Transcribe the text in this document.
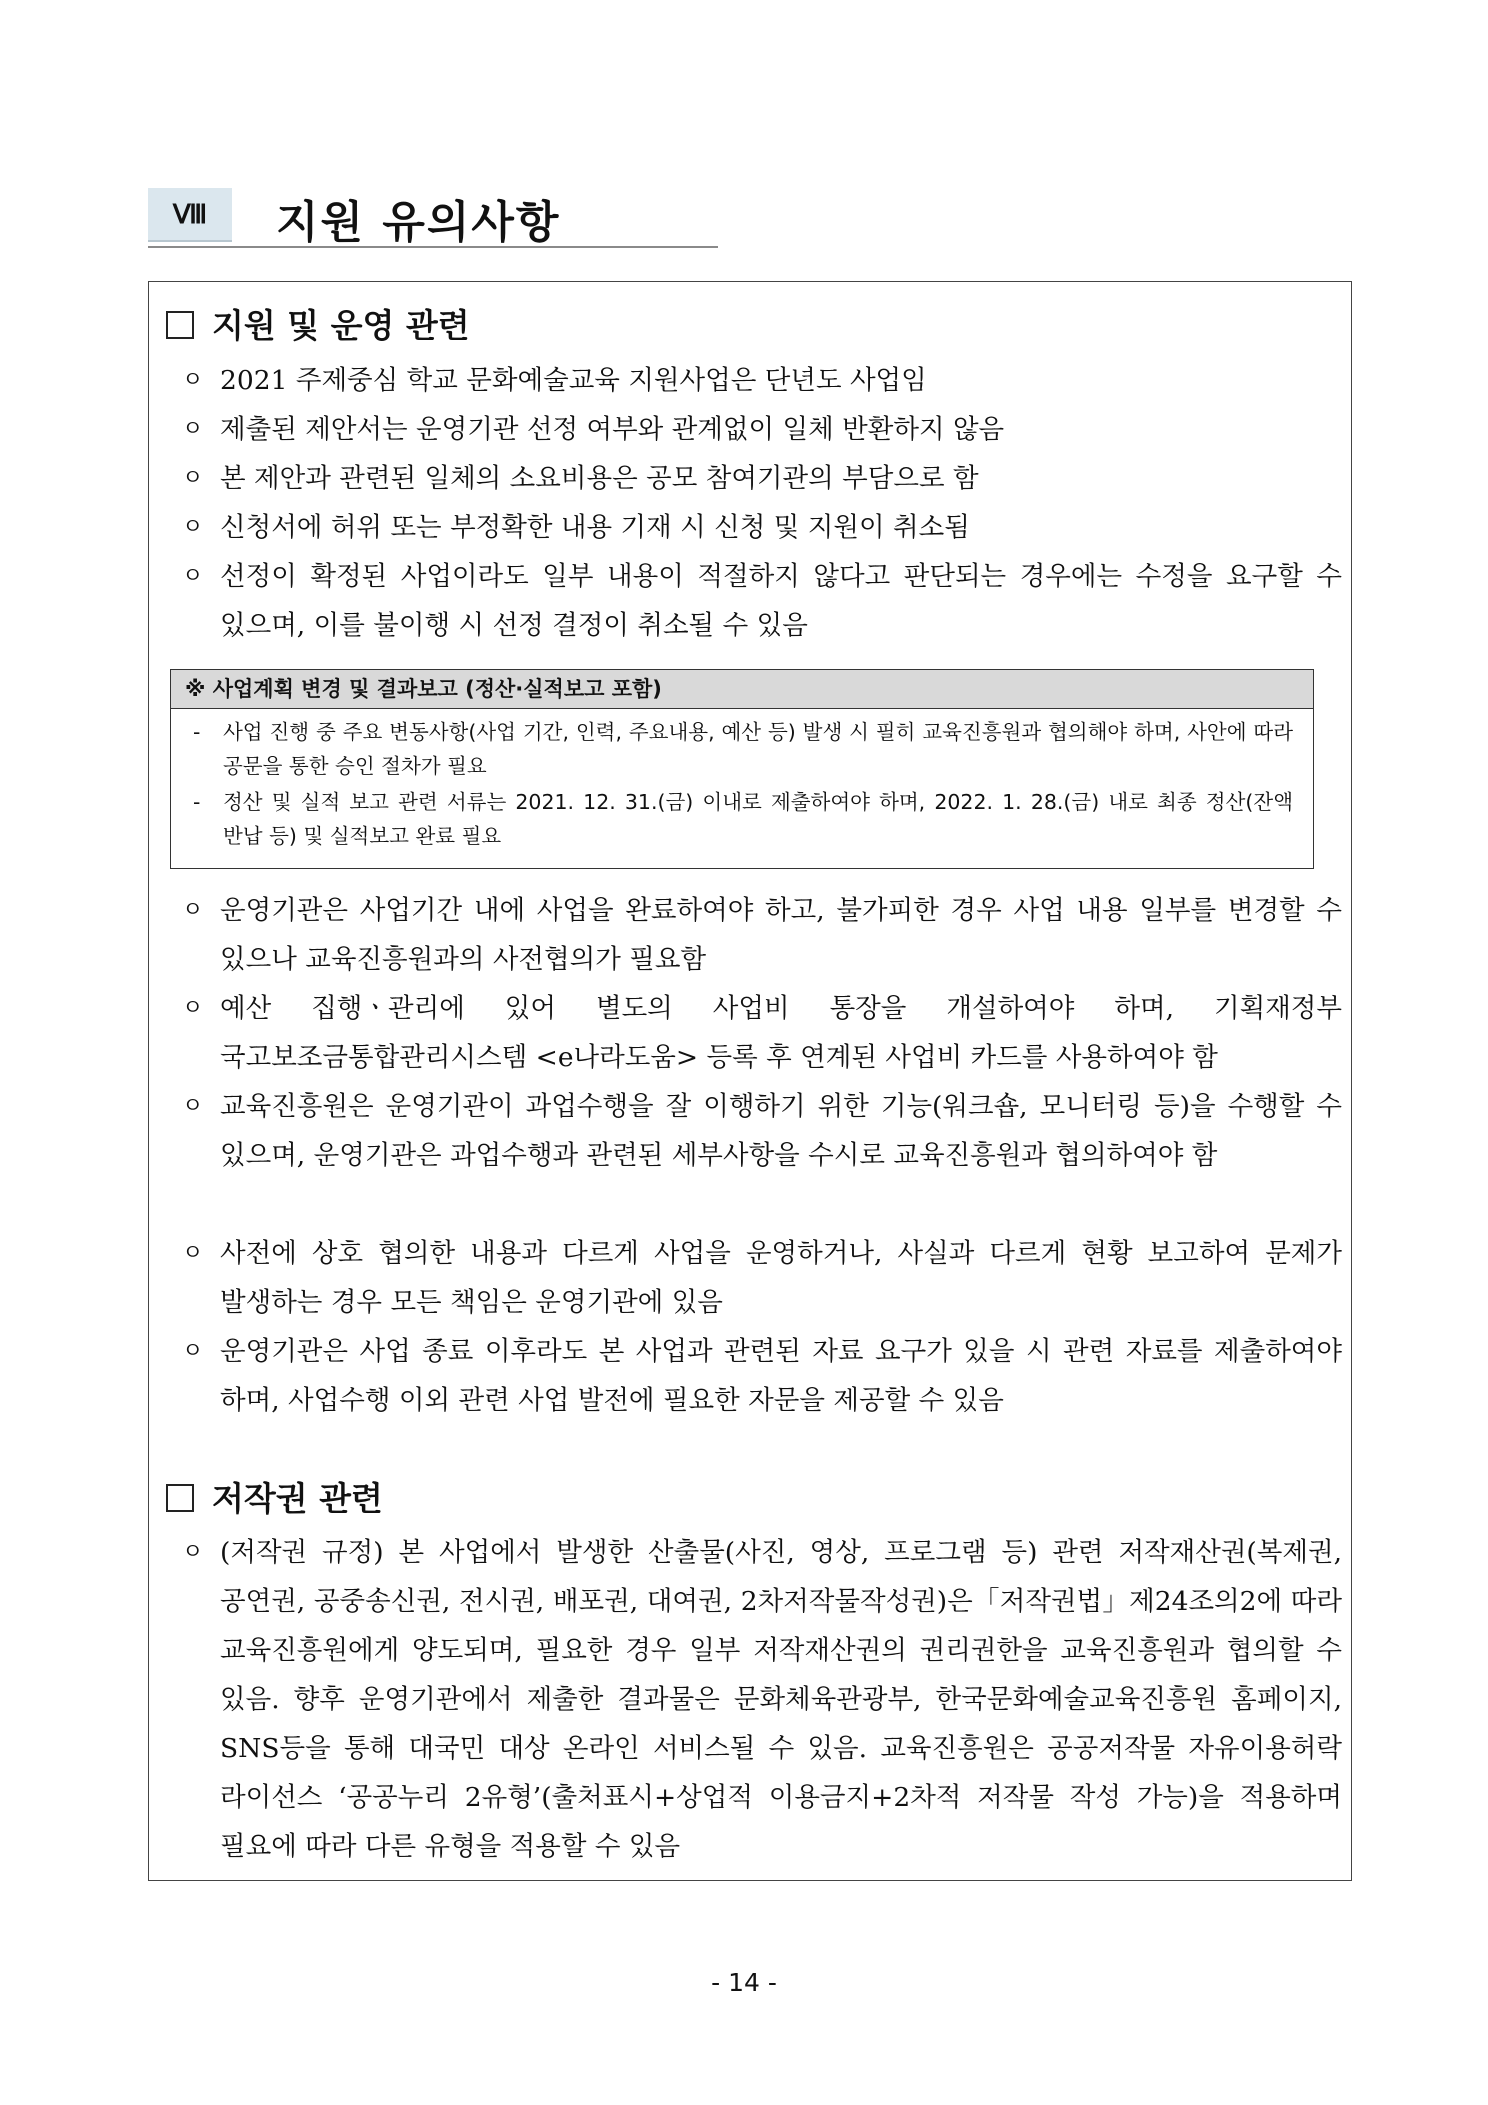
Ⅷ	지원 유의사항
지원 및 운영 관련
ㅇ 2021 주제중심 학교 문화예술교육 지원사업은 단년도 사업임
ㅇ 제출된 제안서는 운영기관 선정 여부와 관계없이 일체 반환하지 않음
ㅇ 본 제안과 관련된 일체의 소요비용은 공모 참여기관의 부담으로 함
ㅇ 신청서에 허위 또는 부정확한 내용 기재 시 신청 및 지원이 취소됨
ㅇ 선정이 확정된 사업이라도 일부 내용이 적절하지 않다고 판단되는 경우에는 수정을 요구할 수 있으며, 이를 불이행 시 선정 결정이 취소될 수 있음
※ 사업계획 변경 및 결과보고 (정산·실적보고 포함)
- 사업 진행 중 주요 변동사항(사업 기간, 인력, 주요내용, 예산 등) 발생 시 필히 교육진흥원과 협의해야 하며, 사안에 따라 공문을 통한 승인 절차가 필요
- 정산 및 실적 보고 관련 서류는 2021. 12. 31.(금) 이내로 제출하여야 하며, 2022. 1. 28.(금) 내로 최종 정산(잔액 반납 등) 및 실적보고 완료 필요
ㅇ 운영기관은 사업기간 내에 사업을 완료하여야 하고, 불가피한 경우 사업 내용 일부를 변경할 수 있으나 교육진흥원과의 사전협의가 필요함
ㅇ 예산 집행ㆍ관리에 있어 별도의 사업비 통장을 개설하여야 하며, 기획재정부 국고보조금통합관리시스템 <e나라도움> 등록 후 연계된 사업비 카드를 사용하여야 함
ㅇ 교육진흥원은 운영기관이 과업수행을 잘 이행하기 위한 기능(워크숍, 모니터링 등)을 수행할 수 있으며, 운영기관은 과업수행과 관련된 세부사항을 수시로 교육진흥원과 협의하여야 함
ㅇ 사전에 상호 협의한 내용과 다르게 사업을 운영하거나, 사실과 다르게 현황 보고하여 문제가 발생하는 경우 모든 책임은 운영기관에 있음
ㅇ 운영기관은 사업 종료 이후라도 본 사업과 관련된 자료 요구가 있을 시 관련 자료를 제출하여야 하며, 사업수행 이외 관련 사업 발전에 필요한 자문을 제공할 수 있음
저작권 관련
ㅇ (저작권 규정) 본 사업에서 발생한 산출물(사진, 영상, 프로그램 등) 관련 저작재산권(복제권, 공연권, 공중송신권, 전시권, 배포권, 대여권, 2차저작물작성권)은「저작권법」제24조의2에 따라 교육진흥원에게 양도되며, 필요한 경우 일부 저작재산권의 권리권한을 교육진흥원과 협의할 수 있음. 향후 운영기관에서 제출한 결과물은 문화체육관광부, 한국문화예술교육진흥원 홈페이지, SNS등을 통해 대국민 대상 온라인 서비스될 수 있음. 교육진흥원은 공공저작물 자유이용허락 라이선스 ‘공공누리 2유형’(출처표시+상업적 이용금지+2차적 저작물 작성 가능)을 적용하며 필요에 따라 다른 유형을 적용할 수 있음
- 14 -
